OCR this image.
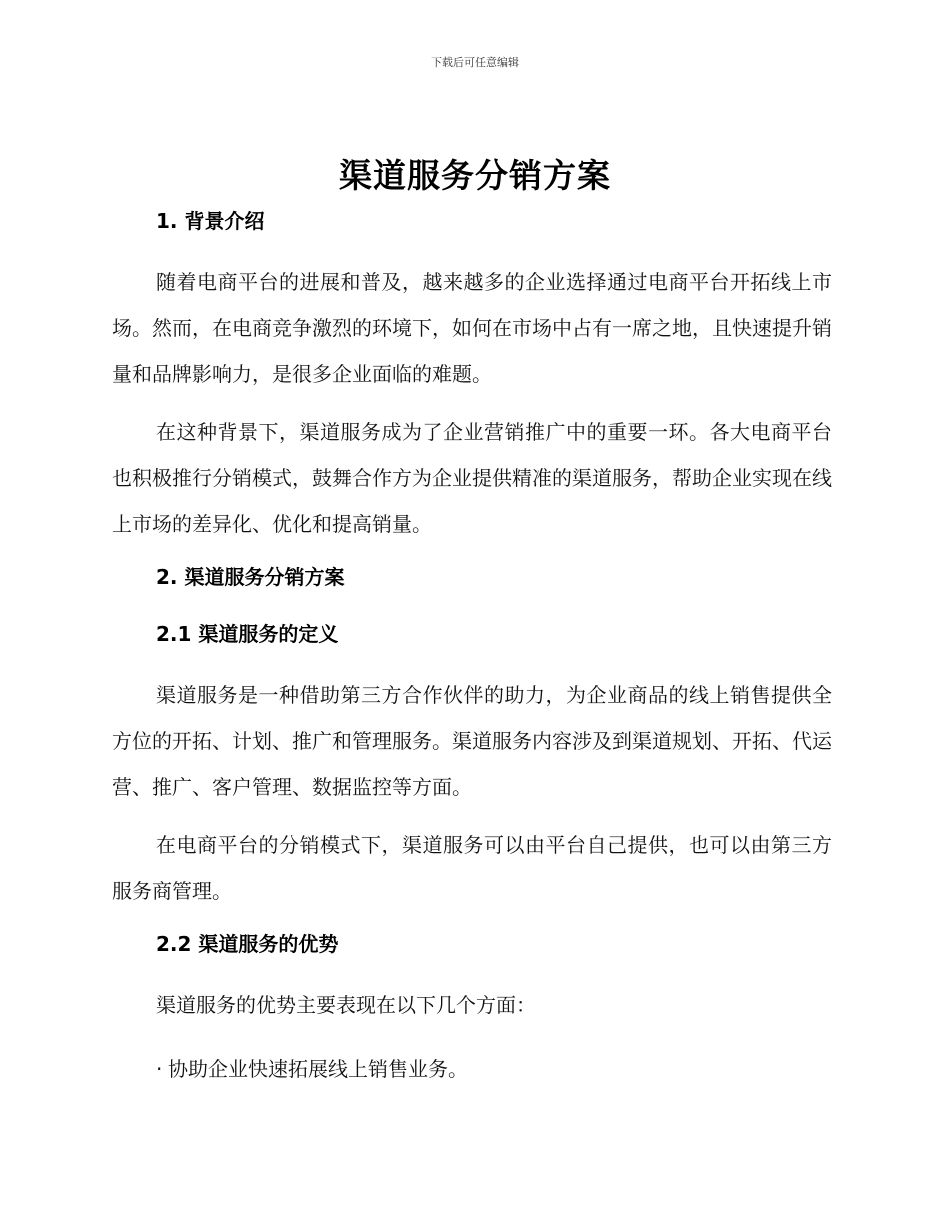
下载后可任意编辑
渠道服务分销方案
1. 背景介绍

随着电商平台的进展和普及，越来越多的企业选择通过电商平台开拓线上市场。然而，在电商竞争激烈的环境下，如何在市场中占有一席之地，且快速提升销量和品牌影响力，是很多企业面临的难题。

在这种背景下，渠道服务成为了企业营销推广中的重要一环。各大电商平台也积极推行分销模式，鼓舞合作方为企业提供精准的渠道服务，帮助企业实现在线上市场的差异化、优化和提高销量。

2. 渠道服务分销方案
2.1 渠道服务的定义

渠道服务是一种借助第三方合作伙伴的助力，为企业商品的线上销售提供全方位的开拓、计划、推广和管理服务。渠道服务内容涉及到渠道规划、开拓、代运营、推广、客户管理、数据监控等方面。

在电商平台的分销模式下，渠道服务可以由平台自己提供，也可以由第三方服务商管理。

2.2 渠道服务的优势

渠道服务的优势主要表现在以下几个方面：

· 协助企业快速拓展线上销售业务。
